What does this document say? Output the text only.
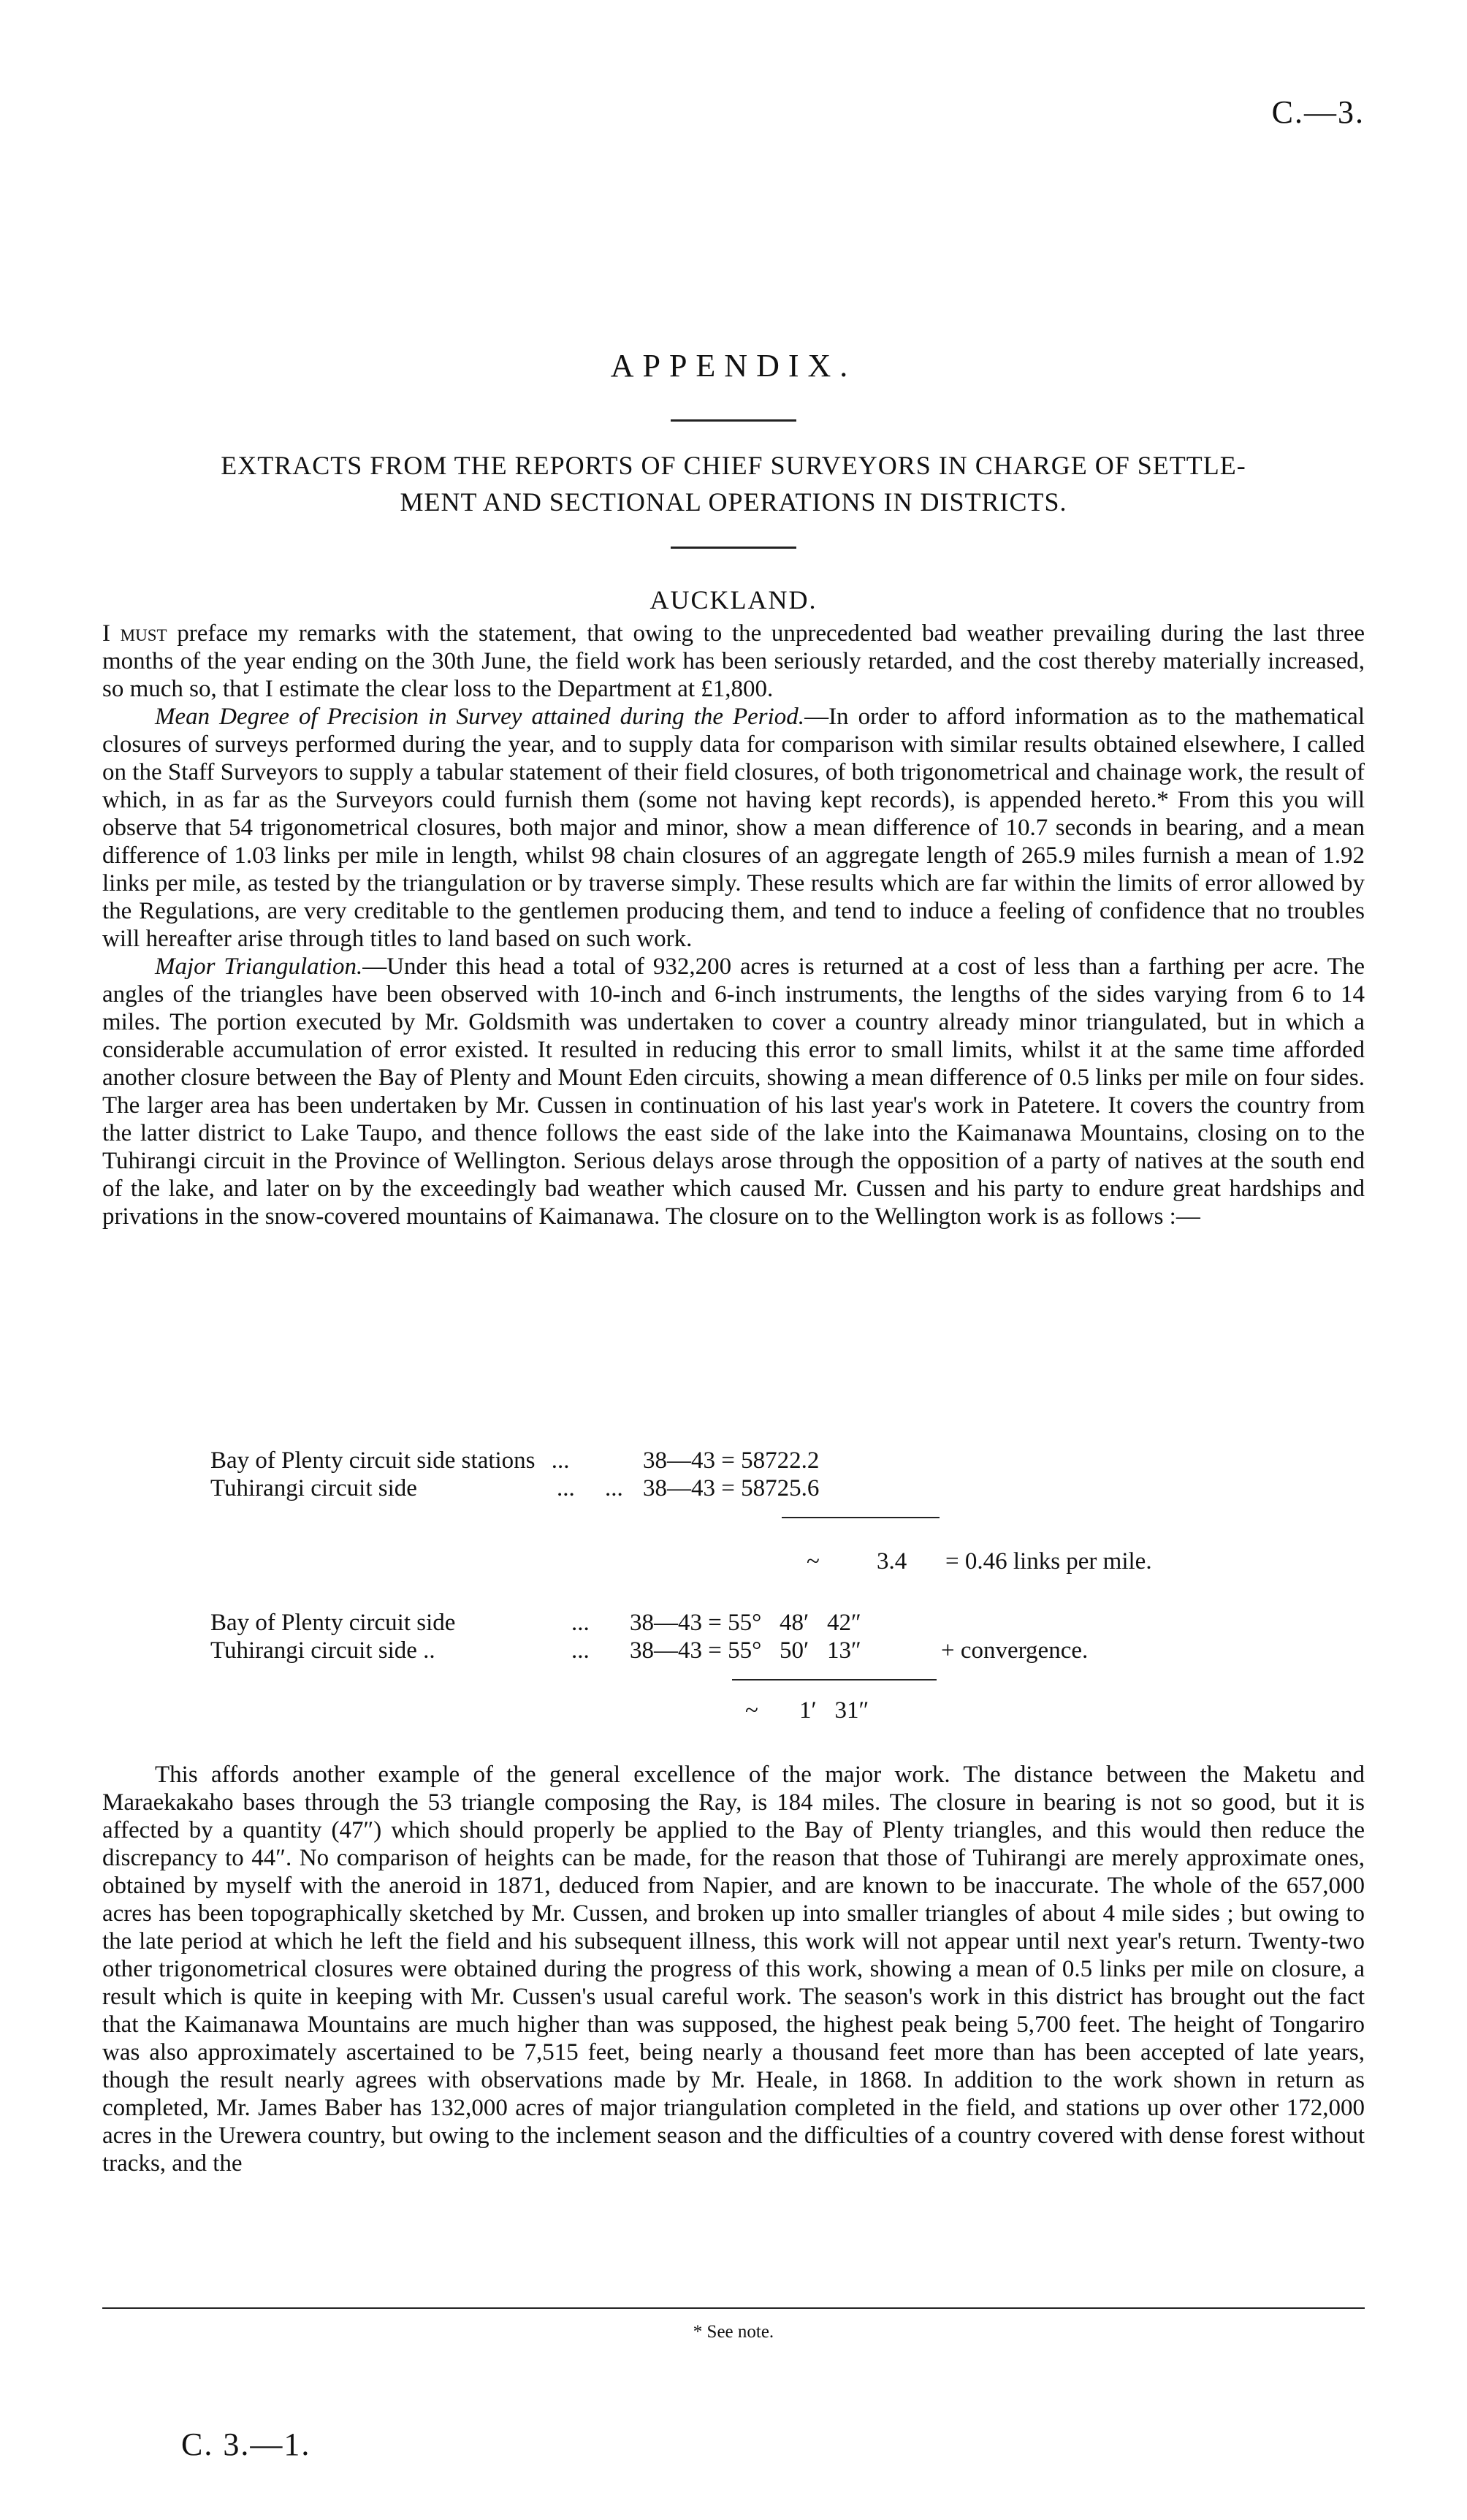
C.—3.
APPENDIX.
EXTRACTS FROM THE REPORTS OF CHIEF SURVEYORS IN CHARGE OF SETTLE-
MENT AND SECTIONAL OPERATIONS IN DISTRICTS.
AUCKLAND.

I must preface my remarks with the statement, that owing to the unprecedented bad weather prevailing during the last three months of the year ending on the 30th June, the field work has been seriously retarded, and the cost thereby materially increased, so much so, that I estimate the clear loss to the Department at £1,800.

Mean Degree of Precision in Survey attained during the Period.—In order to afford information as to the mathematical closures of surveys performed during the year, and to supply data for comparison with similar results obtained elsewhere, I called on the Staff Surveyors to supply a tabular statement of their field closures, of both trigonometrical and chainage work, the result of which, in as far as the Surveyors could furnish them (some not having kept records), is appended hereto.* From this you will observe that 54 trigonometrical closures, both major and minor, show a mean difference of 10.7 seconds in bearing, and a mean difference of 1.03 links per mile in length, whilst 98 chain closures of an aggregate length of 265.9 miles furnish a mean of 1.92 links per mile, as tested by the triangulation or by traverse simply. These results which are far within the limits of error allowed by the Regulations, are very creditable to the gentlemen producing them, and tend to induce a feeling of confidence that no troubles will hereafter arise through titles to land based on such work.

Major Triangulation.—Under this head a total of 932,200 acres is returned at a cost of less than a farthing per acre. The angles of the triangles have been observed with 10-inch and 6-inch instruments, the lengths of the sides varying from 6 to 14 miles. The portion executed by Mr. Goldsmith was undertaken to cover a country already minor triangulated, but in which a considerable accumulation of error existed. It resulted in reducing this error to small limits, whilst it at the same time afforded another closure between the Bay of Plenty and Mount Eden circuits, showing a mean difference of 0.5 links per mile on four sides. The larger area has been undertaken by Mr. Cussen in continuation of his last year's work in Patetere. It covers the country from the latter district to Lake Taupo, and thence follows the east side of the lake into the Kaimanawa Mountains, closing on to the Tuhirangi circuit in the Province of Wellington. Serious delays arose through the opposition of a party of natives at the south end of the lake, and later on by the exceedingly bad weather which caused Mr. Cussen and his party to endure great hardships and privations in the snow-covered mountains of Kaimanawa. The closure on to the Wellington work is as follows :—

Bay of Plenty circuit side stations ...	38—43 = 58722.2
Tuhirangi circuit side	...     ... 38—43 = 58725.6
~ 3.4 = 0.46 links per mile.
Bay of Plenty circuit side	... 38—43 = 55°   48′   42″
Tuhirangi circuit side ..	... 38—43 = 55°   50′   13″	+ convergence.
~ 1′   31″

This affords another example of the general excellence of the major work. The distance between the Maketu and Maraekakaho bases through the 53 triangle composing the Ray, is 184 miles. The closure in bearing is not so good, but it is affected by a quantity (47″) which should properly be applied to the Bay of Plenty triangles, and this would then reduce the discrepancy to 44″. No comparison of heights can be made, for the reason that those of Tuhirangi are merely approximate ones, obtained by myself with the aneroid in 1871, deduced from Napier, and are known to be inaccurate. The whole of the 657,000 acres has been topographically sketched by Mr. Cussen, and broken up into smaller triangles of about 4 mile sides ; but owing to the late period at which he left the field and his subsequent illness, this work will not appear until next year's return. Twenty-two other trigonometrical closures were obtained during the progress of this work, showing a mean of 0.5 links per mile on closure, a result which is quite in keeping with Mr. Cussen's usual careful work. The season's work in this district has brought out the fact that the Kaimanawa Mountains are much higher than was supposed, the highest peak being 5,700 feet. The height of Tongariro was also approximately ascertained to be 7,515 feet, being nearly a thousand feet more than has been accepted of late years, though the result nearly agrees with observations made by Mr. Heale, in 1868. In addition to the work shown in return as completed, Mr. James Baber has 132,000 acres of major triangulation completed in the field, and stations up over other 172,000 acres in the Urewera country, but owing to the inclement season and the difficulties of a country covered with dense forest without tracks, and the

* See note.
C. 3.—1.
